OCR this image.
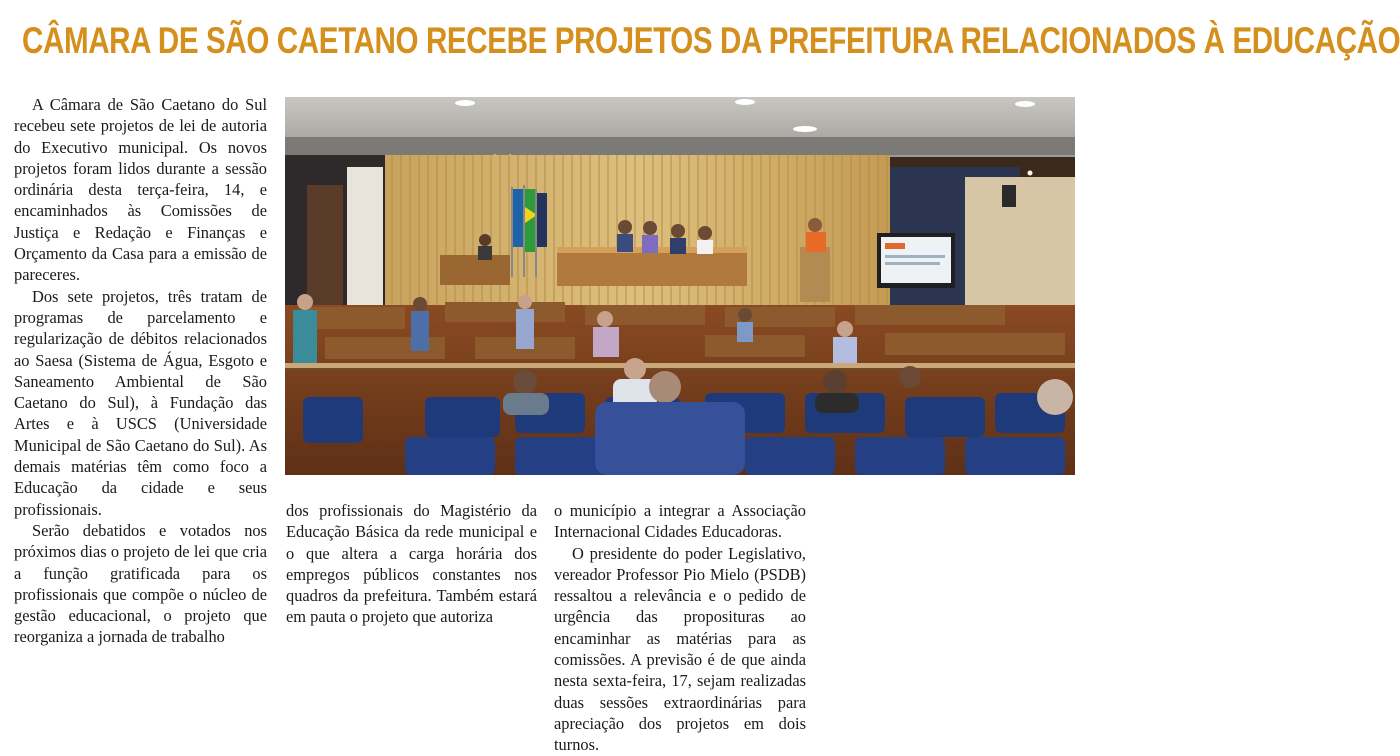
CÂMARA DE SÃO CAETANO RECEBE PROJETOS DA PREFEITURA RELACIONADOS À EDUCAÇÃO

A Câmara de São Caetano do Sul recebeu sete projetos de lei de autoria do Executivo municipal. Os novos projetos foram lidos durante a sessão ordinária desta terça-feira, 14, e encaminhados às Comissões de Justiça e Redação e Finanças e Orçamento da Casa para a emissão de pareceres.

Dos sete projetos, três tratam de programas de parcelamento e regularização de débitos relacionados ao Saesa (Sistema de Água, Esgoto e Saneamento Ambiental de São Caetano do Sul), à Fundação das Artes e à USCS (Universidade Municipal de São Caetano do Sul). As demais matérias têm como foco a Educação da cidade e seus profissionais.

Serão debatidos e votados nos próximos dias o projeto de lei que cria a função gratificada para os profissionais que compõe o núcleo de gestão educacional, o projeto que reorganiza a jornada de trabalho

dos profissionais do Magistério da Educação Básica da rede municipal e o que altera a carga horária dos empregos públicos constantes nos quadros da prefeitura. Também estará em pauta o projeto que autoriza

o município a integrar a Associação Internacional Cidades Educadoras.

O presidente do poder Legislativo, vereador Professor Pio Mielo (PSDB) ressaltou a relevância e o pedido de urgência das proposituras ao encaminhar as matérias para as comissões. A previsão é de que ainda nesta sexta-feira, 17, sejam realizadas duas sessões extraordinárias para apreciação dos projetos em dois turnos.
